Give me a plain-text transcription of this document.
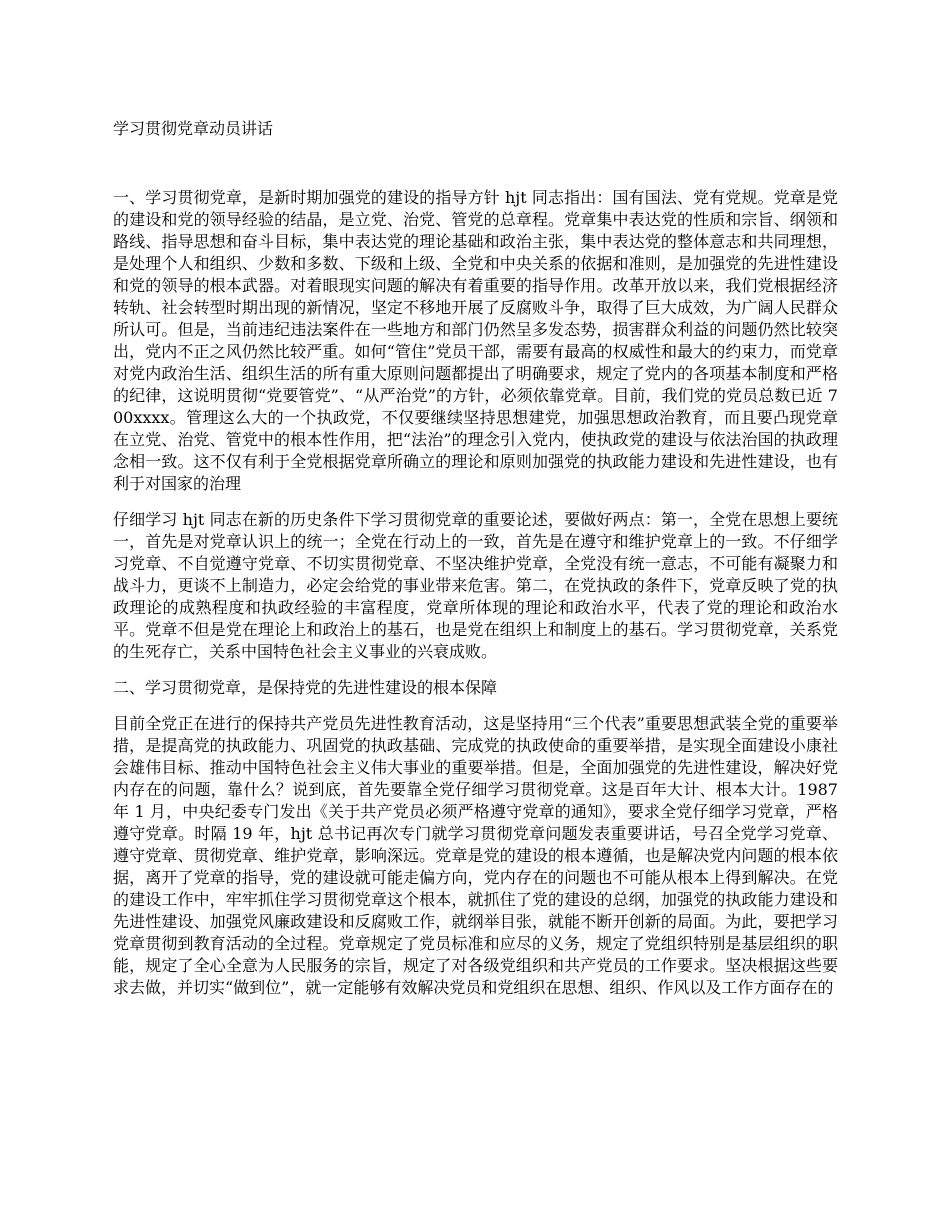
学习贯彻党章动员讲话

一、学习贯彻党章，是新时期加强党的建设的指导方针 hjt 同志指出：国有国法、党有党规。党章是党的建设和党的领导经验的结晶，是立党、治党、管党的总章程。党章集中表达党的性质和宗旨、纲领和路线、指导思想和奋斗目标，集中表达党的理论基础和政治主张，集中表达党的整体意志和共同理想，是处理个人和组织、少数和多数、下级和上级、全党和中央关系的依据和准则，是加强党的先进性建设和党的领导的根本武器。对着眼现实问题的解决有着重要的指导作用。改革开放以来，我们党根据经济转轨、社会转型时期出现的新情况，坚定不移地开展了反腐败斗争，取得了巨大成效，为广阔人民群众所认可。但是，当前违纪违法案件在一些地方和部门仍然呈多发态势，损害群众利益的问题仍然比较突出，党内不正之风仍然比较严重。如何“管住”党员干部，需要有最高的权威性和最大的约束力，而党章对党内政治生活、组织生活的所有重大原则问题都提出了明确要求，规定了党内的各项基本制度和严格的纪律，这说明贯彻“党要管党”、“从严治党”的方针，必须依靠党章。目前，我们党的党员总数已近 700xxxx。管理这么大的一个执政党，不仅要继续坚持思想建党，加强思想政治教育，而且要凸现党章在立党、治党、管党中的根本性作用，把“法治”的理念引入党内，使执政党的建设与依法治国的执政理念相一致。这不仅有利于全党根据党章所确立的理论和原则加强党的执政能力建设和先进性建设，也有利于对国家的治理

仔细学习 hjt 同志在新的历史条件下学习贯彻党章的重要论述，要做好两点：第一，全党在思想上要统一，首先是对党章认识上的统一；全党在行动上的一致，首先是在遵守和维护党章上的一致。不仔细学习党章、不自觉遵守党章、不切实贯彻党章、不坚决维护党章，全党没有统一意志，不可能有凝聚力和战斗力，更谈不上制造力，必定会给党的事业带来危害。第二，在党执政的条件下，党章反映了党的执政理论的成熟程度和执政经验的丰富程度，党章所体现的理论和政治水平，代表了党的理论和政治水平。党章不但是党在理论上和政治上的基石，也是党在组织上和制度上的基石。学习贯彻党章，关系党的生死存亡，关系中国特色社会主义事业的兴衰成败。

二、学习贯彻党章，是保持党的先进性建设的根本保障

目前全党正在进行的保持共产党员先进性教育活动，这是坚持用“三个代表”重要思想武装全党的重要举措，是提高党的执政能力、巩固党的执政基础、完成党的执政使命的重要举措，是实现全面建设小康社会雄伟目标、推动中国特色社会主义伟大事业的重要举措。但是，全面加强党的先进性建设，解决好党内存在的问题，靠什么？说到底，首先要靠全党仔细学习贯彻党章。这是百年大计、根本大计。1987 年 1 月，中央纪委专门发出《关于共产党员必须严格遵守党章的通知》，要求全党仔细学习党章，严格遵守党章。时隔 19 年，hjt 总书记再次专门就学习贯彻党章问题发表重要讲话，号召全党学习党章、遵守党章、贯彻党章、维护党章，影响深远。党章是党的建设的根本遵循，也是解决党内问题的根本依据，离开了党章的指导，党的建设就可能走偏方向，党内存在的问题也不可能从根本上得到解决。在党的建设工作中，牢牢抓住学习贯彻党章这个根本，就抓住了党的建设的总纲，加强党的执政能力建设和先进性建设、加强党风廉政建设和反腐败工作，就纲举目张，就能不断开创新的局面。为此，要把学习党章贯彻到教育活动的全过程。党章规定了党员标准和应尽的义务，规定了党组织特别是基层组织的职能，规定了全心全意为人民服务的宗旨，规定了对各级党组织和共产党员的工作要求。坚决根据这些要求去做，并切实“做到位”，就一定能够有效解决党员和党组织在思想、组织、作风以及工作方面存在的
